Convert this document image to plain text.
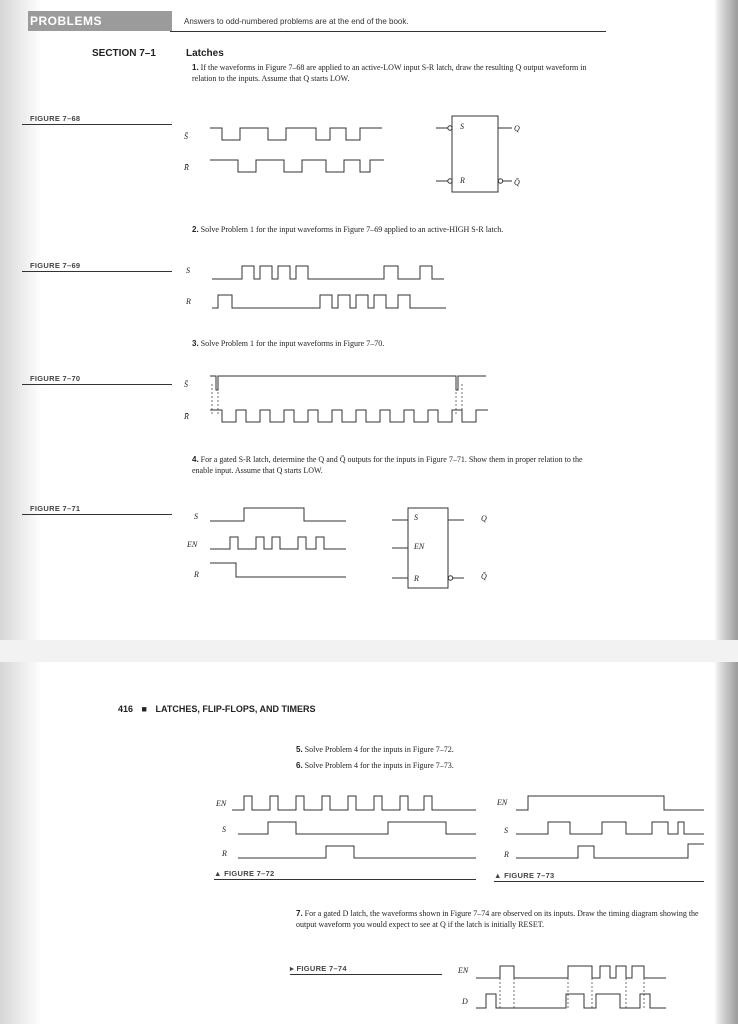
PROBLEMS	Answers to odd-numbered problems are at the end of the book.
SECTION 7–1	Latches
1. If the waveforms in Figure 7–68 are applied to an active-LOW input S-R latch, draw the resulting Q output waveform in relation to the inputs. Assume that Q starts LOW.
FIGURE 7–68
2. Solve Problem 1 for the input waveforms in Figure 7–69 applied to an active-HIGH S-R latch.
FIGURE 7–69
3. Solve Problem 1 for the input waveforms in Figure 7–70.
FIGURE 7–70
4. For a gated S-R latch, determine the Q and Q̄ outputs for the inputs in Figure 7–71. Show them in proper relation to the enable input. Assume that Q starts LOW.
FIGURE 7–71
S̄
R̄
S
R
Q
Q̄
S
R
S̄
R̄
S
EN
R
S
EN
R
Q
Q̄
416 ■ LATCHES, FLIP-FLOPS, AND TIMERS
5. Solve Problem 4 for the inputs in Figure 7–72.
6. Solve Problem 4 for the inputs in Figure 7–73.
EN
S
R
EN
S
R
▲ FIGURE 7–72	▲ FIGURE 7–73
7. For a gated D latch, the waveforms shown in Figure 7–74 are observed on its inputs. Draw the timing diagram showing the output waveform you would expect to see at Q if the latch is initially RESET.
▸ FIGURE 7–74	EN
D
